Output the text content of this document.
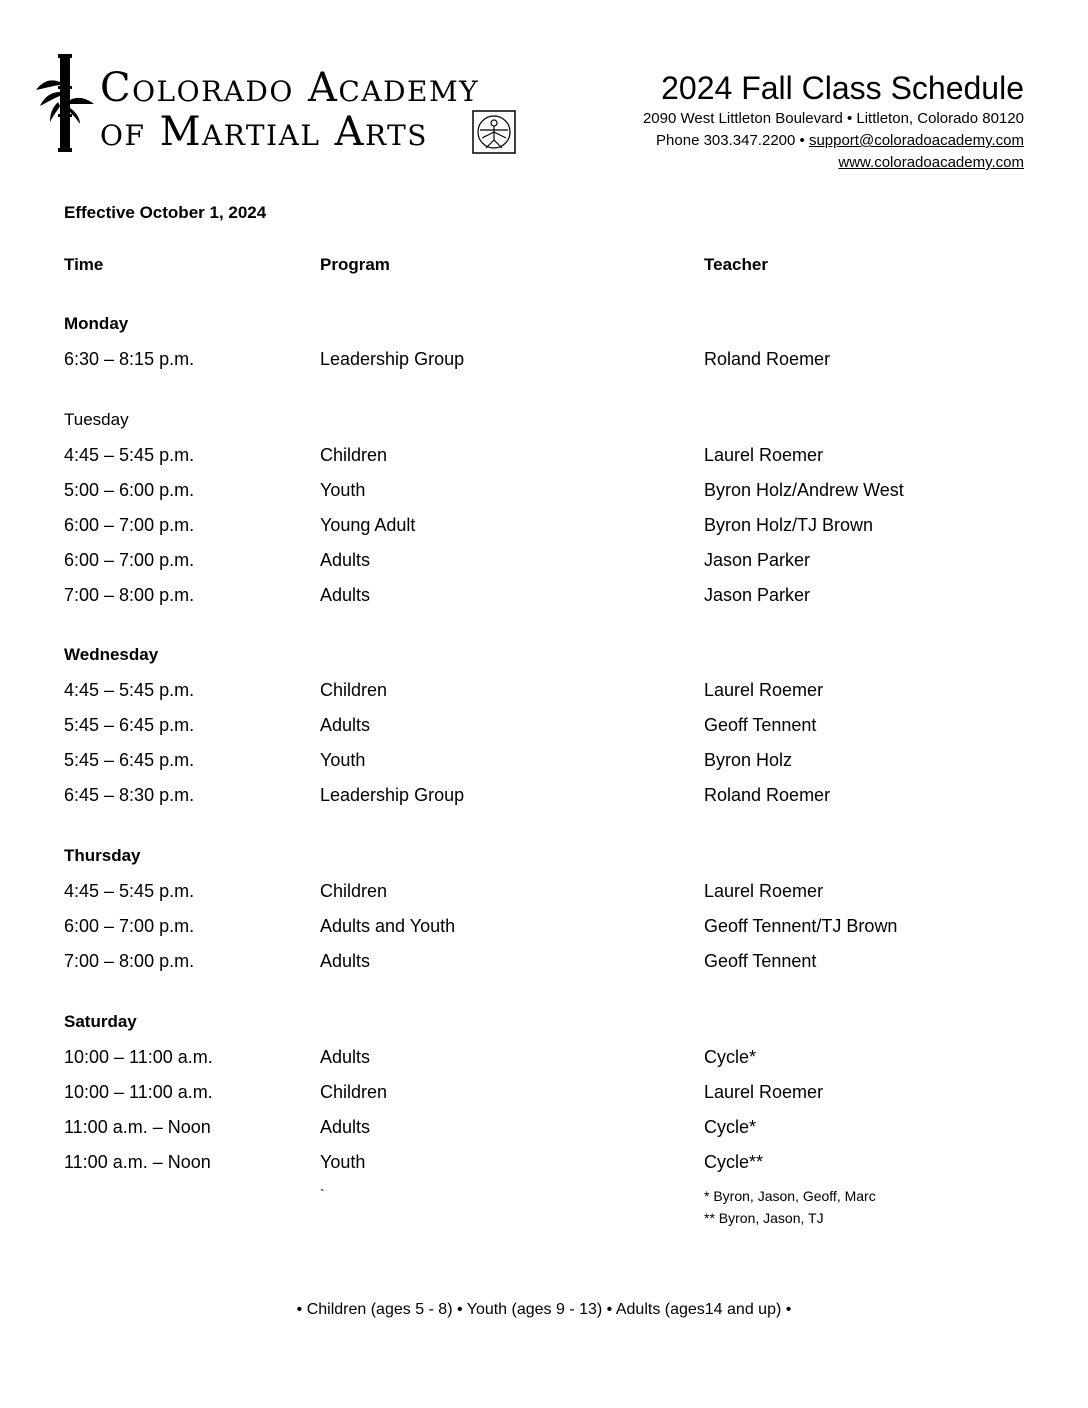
Colorado Academy
of Martial Arts
2024 Fall Class Schedule
2090 West Littleton Boulevard • Littleton, Colorado 80120
Phone 303.347.2200 • support@coloradoacademy.com
www.coloradoacademy.com
Effective October 1, 2024
Time	Program	Teacher
Monday
6:30 – 8:15 p.m.	Leadership Group	Roland Roemer
Tuesday
4:45 – 5:45 p.m.	Children	Laurel Roemer
5:00 – 6:00 p.m.	Youth	Byron Holz/Andrew West
6:00 – 7:00 p.m.	Young Adult	Byron Holz/TJ Brown
6:00 – 7:00 p.m.	Adults	Jason Parker
7:00 – 8:00 p.m.	Adults	Jason Parker
Wednesday
4:45 – 5:45 p.m.	Children	Laurel Roemer
5:45 – 6:45 p.m.	Adults	Geoff Tennent
5:45 – 6:45 p.m.	Youth	Byron Holz
6:45 – 8:30 p.m.	Leadership Group	Roland Roemer
Thursday
4:45 – 5:45 p.m.	Children	Laurel Roemer
6:00 – 7:00 p.m.	Adults and Youth	Geoff Tennent/TJ Brown
7:00 – 8:00 p.m.	Adults	Geoff Tennent
Saturday
10:00 – 11:00 a.m.	Adults	Cycle*
10:00 – 11:00 a.m.	Children	Laurel Roemer
11:00 a.m. – Noon	Adults	Cycle*
11:00 a.m. – Noon	Youth	Cycle**
`	* Byron, Jason, Geoff, Marc
** Byron, Jason, TJ
• Children (ages 5 - 8) • Youth (ages 9 - 13) • Adults (ages14 and up) •
